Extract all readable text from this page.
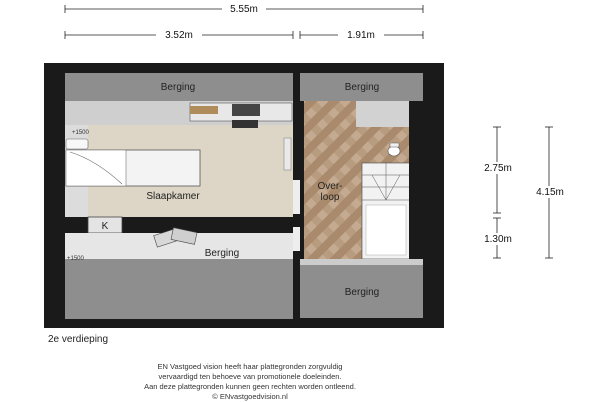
5.55m
3.52m	1.91m
2.75m
1.30m
4.15m
Berging	Berging
Slaapkamer
Over-
loop
Berging
Berging
K
+1500
+1500
2e verdieping
EN Vastgoed vision heeft haar plattegronden zorgvuldig
vervaardigd ten behoeve van promotionele doeleinden.
Aan deze plattegronden kunnen geen rechten worden ontleend.
© ENvastgoedvision.nl
